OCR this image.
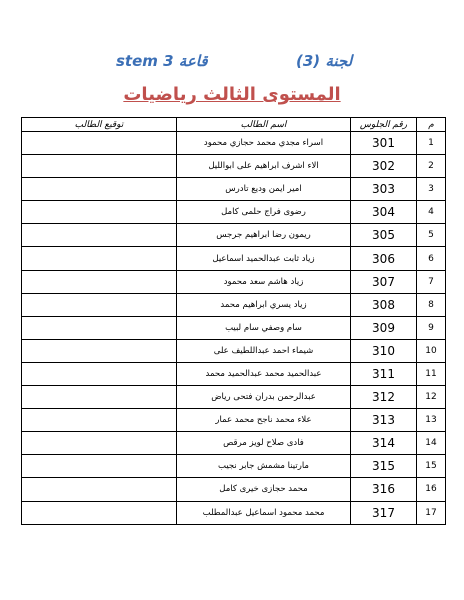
لجنة (3)
قاعة stem 3
المستوى الثالث رياضيات
م	رقم الجلوس	اسم الطالب	توقيع الطالب
1	301	اسراء مجدي محمد حجازي محمود	
2	302	الاء اشرف ابراهيم على ابوالليل	
3	303	امير ايمن وديع تادرس	
4	304	رضوى فراج حلمى كامل	
5	305	ريمون رضا ابراهيم جرجس	
6	306	زياد ثابت عبدالحميد اسماعيل	
7	307	زياد هاشم سعد محمود	
8	308	زياد يسري ابراهيم محمد	
9	309	سام وصفي سام لبيب	
10	310	شيماء احمد عبداللطيف على	
11	311	عبدالحميد محمد عبدالحميد محمد	
12	312	عبدالرحمن بدران فتحى رياض	
13	313	علاء محمد ناجح محمد عمار	
14	314	فادى صلاح لويز مرقص	
15	315	مارتينا مشمش جابر نجيب	
16	316	محمد حجازى خيرى كامل	
17	317	محمد محمود اسماعيل عبدالمطلب	
